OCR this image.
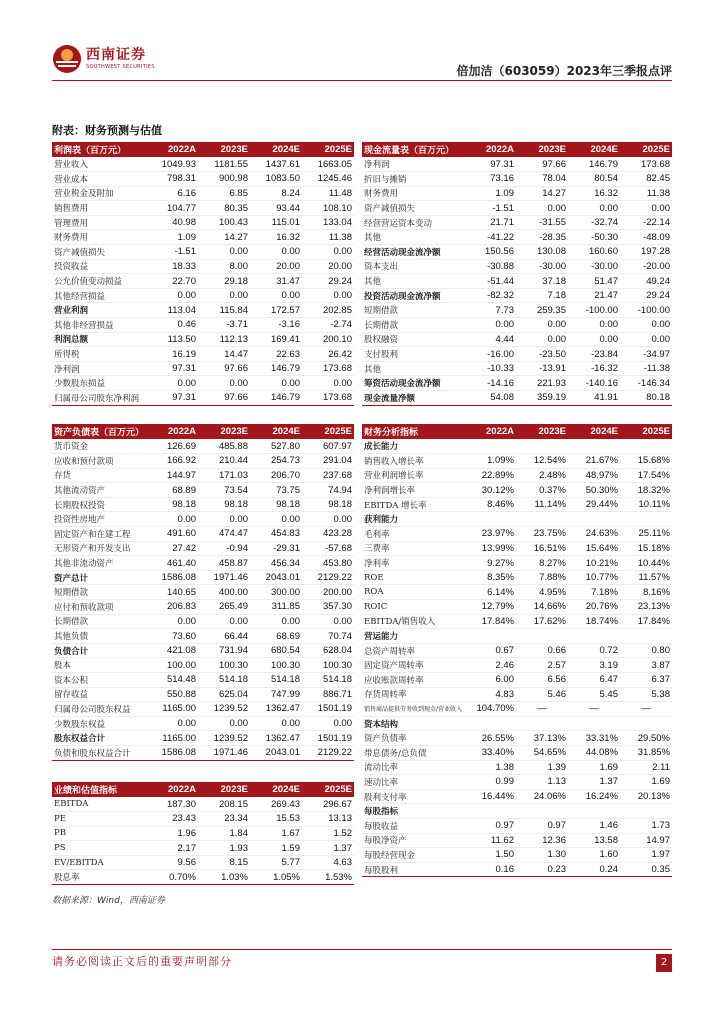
西南证券
SOUTHWEST SECURITIES	倍加洁（603059）2023年三季报点评
附表：财务预测与估值
利润表（百万元）	2022A	2023E	2024E	2025E
营业收入	1049.93	1181.55	1437.61	1663.05
营业成本	798.31	900.98	1083.50	1245.46
营业税金及附加	6.16	6.85	8.24	11.48
销售费用	104.77	80.35	93.44	108.10
管理费用	40.98	100.43	115.01	133.04
财务费用	1.09	14.27	16.32	11.38
资产减值损失	-1.51	0.00	0.00	0.00
投资收益	18.33	8.00	20.00	20.00
公允价值变动损益	22.70	29.18	31.47	29.24
其他经营损益	0.00	0.00	0.00	0.00
营业利润	113.04	115.84	172.57	202.85
其他非经营损益	0.46	-3.71	-3.16	-2.74
利润总额	113.50	112.13	169.41	200.10
所得税	16.19	14.47	22.63	26.42
净利润	97.31	97.66	146.79	173.68
少数股东损益	0.00	0.00	0.00	0.00
归属母公司股东净利润	97.31	97.66	146.79	173.68
现金流量表（百万元）	2022A	2023E	2024E	2025E
净利润	97.31	97.66	146.79	173.68
折旧与摊销	73.16	78.04	80.54	82.45
财务费用	1.09	14.27	16.32	11.38
资产减值损失	-1.51	0.00	0.00	0.00
经营营运资本变动	21.71	-31.55	-32.74	-22.14
其他	-41.22	-28.35	-50.30	-48.09
经营活动现金流净额	150.56	130.08	160.60	197.28
资本支出	-30.88	-30.00	-30.00	-20.00
其他	-51.44	37.18	51.47	49.24
投资活动现金流净额	-82.32	7.18	21.47	29.24
短期借款	7.73	259.35	-100.00	-100.00
长期借款	0.00	0.00	0.00	0.00
股权融资	4.44	0.00	0.00	0.00
支付股利	-16.00	-23.50	-23.84	-34.97
其他	-10.33	-13.91	-16.32	-11.38
筹资活动现金流净额	-14.16	221.93	-140.16	-146.34
现金流量净额	54.08	359.19	41.91	80.18
资产负债表（百万元）	2022A	2023E	2024E	2025E
货币资金	126.69	485.88	527.80	607.97
应收和预付款项	166.92	210.44	254.73	291.04
存货	144.97	171.03	206.70	237.68
其他流动资产	68.89	73.54	73.75	74.94
长期股权投资	98.18	98.18	98.18	98.18
投资性房地产	0.00	0.00	0.00	0.00
固定资产和在建工程	491.60	474.47	454.83	423.28
无形资产和开发支出	27.42	-0.94	-29.31	-57.68
其他非流动资产	461.40	458.87	456.34	453.80
资产总计	1586.08	1971.46	2043.01	2129.22
短期借款	140.65	400.00	300.00	200.00
应付和预收款项	206.83	265.49	311.85	357.30
长期借款	0.00	0.00	0.00	0.00
其他负债	73.60	66.44	68.69	70.74
负债合计	421.08	731.94	680.54	628.04
股本	100.00	100.30	100.30	100.30
资本公积	514.48	514.18	514.18	514.18
留存收益	550.88	625.04	747.99	886.71
归属母公司股东权益	1165.00	1239.52	1362.47	1501.19
少数股东权益	0.00	0.00	0.00	0.00
股东权益合计	1165.00	1239.52	1362.47	1501.19
负债和股东权益合计	1586.08	1971.46	2043.01	2129.22
财务分析指标	2022A	2023E	2024E	2025E
成长能力				
销售收入增长率	1.09%	12.54%	21.67%	15.68%
营业利润增长率	22.89%	2.48%	48.97%	17.54%
净利润增长率	30.12%	0.37%	50.30%	18.32%
EBITDA 增长率	8.46%	11.14%	29.44%	10.11%
获利能力				
毛利率	23.97%	23.75%	24.63%	25.11%
三费率	13.99%	16.51%	15.64%	15.18%
净利率	9.27%	8.27%	10.21%	10.44%
ROE	8.35%	7.88%	10.77%	11.57%
ROA	6.14%	4.95%	7.18%	8.16%
ROIC	12.79%	14.66%	20.76%	23.13%
EBITDA/销售收入	17.84%	17.62%	18.74%	17.84%
营运能力				
总资产周转率	0.67	0.66	0.72	0.80
固定资产周转率	2.46	2.57	3.19	3.87
应收账款周转率	6.00	6.56	6.47	6.37
存货周转率	4.83	5.46	5.45	5.38
销售商品提供劳务收到现金/营业收入	104.70%	—	—	—
资本结构				
资产负债率	26.55%	37.13%	33.31%	29.50%
带息债务/总负债	33.40%	54.65%	44.08%	31.85%
流动比率	1.38	1.39	1.69	2.11
速动比率	0.99	1.13	1.37	1.69
股利支付率	16.44%	24.06%	16.24%	20.13%
每股指标				
每股收益	0.97	0.97	1.46	1.73
每股净资产	11.62	12.36	13.58	14.97
每股经营现金	1.50	1.30	1.60	1.97
每股股利	0.16	0.23	0.24	0.35
业绩和估值指标	2022A	2023E	2024E	2025E
EBITDA	187.30	208.15	269.43	296.67
PE	23.43	23.34	15.53	13.13
PB	1.96	1.84	1.67	1.52
PS	2.17	1.93	1.59	1.37
EV/EBITDA	9.56	8.15	5.77	4.63
股息率	0.70%	1.03%	1.05%	1.53%
数据来源：Wind，西南证券
请务必阅读正文后的重要声明部分	2
